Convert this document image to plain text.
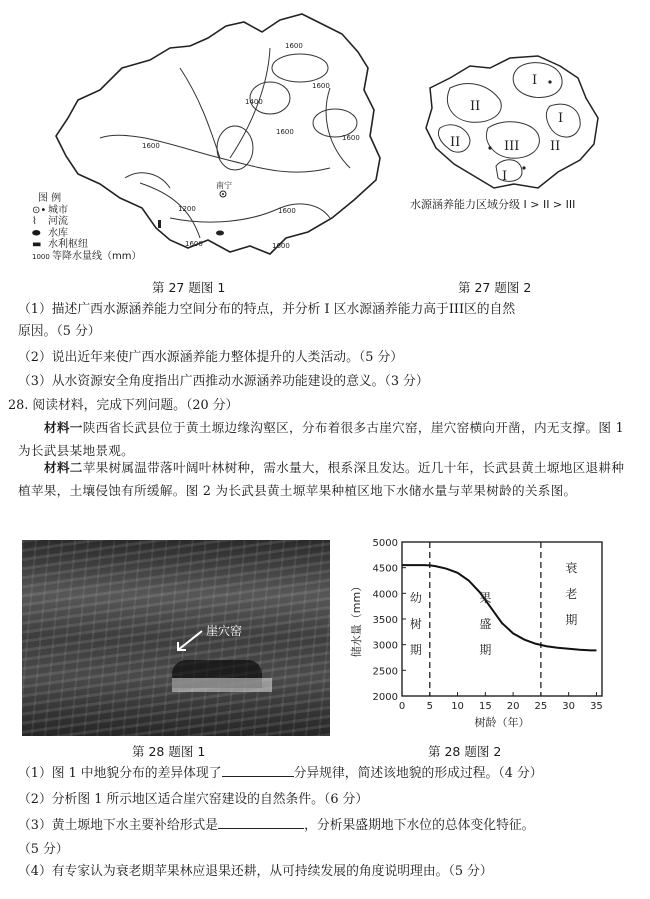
1600
1600
1600
1400
1600
1600
1200	1600
1600	1600
南宁
图 例
⊙• 城市
⌇ 河流
⬬ 水库
▬ 水利枢纽
1000 等降水量线（mm）
第 27 题图 1
I
II
I
II	III II
I
水源涵养能力区域分级 I > II > III
第 27 题图 2
（1）描述广西水源涵养能力空间分布的特点，并分析 I 区水源涵养能力高于III区的自然
原因。（5 分）
（2）说出近年来使广西水源涵养能力整体提升的人类活动。（5 分）
（3）从水资源安全角度指出广西推动水源涵养功能建设的意义。（3 分）
28. 阅读材料，完成下列问题。（20 分）
材料一陕西省长武县位于黄土塬边缘沟壑区，分布着很多古崖穴窑，崖穴窑横向开凿，内无支撑。图 1 为长武县某地景观。
材料二苹果树属温带落叶阔叶林树种，需水量大，根系深且发达。近几十年，长武县黄土塬地区退耕种植苹果，土壤侵蚀有所缓解。图 2 为长武县黄土塬苹果种植区地下水储水量与苹果树龄的关系图。
崖穴窑
第 28 题图 1
2000
2500
3000
3500
4000
4500
5000
0 5 10 15 20 25 30 35
幼
树
期
果
盛
期
衰
老
期
树龄（年）
储水量（mm）
第 28 题图 2
（1）图 1 中地貌分布的差异体现了	分异规律，简述该地貌的形成过程。（4 分）
（2）分析图 1 所示地区适合崖穴窑建设的自然条件。（6 分）
（3）黄土塬地下水主要补给形式是	，分析果盛期地下水位的总体变化特征。
（5 分）
（4）有专家认为衰老期苹果林应退果还耕，从可持续发展的角度说明理由。（5 分）
